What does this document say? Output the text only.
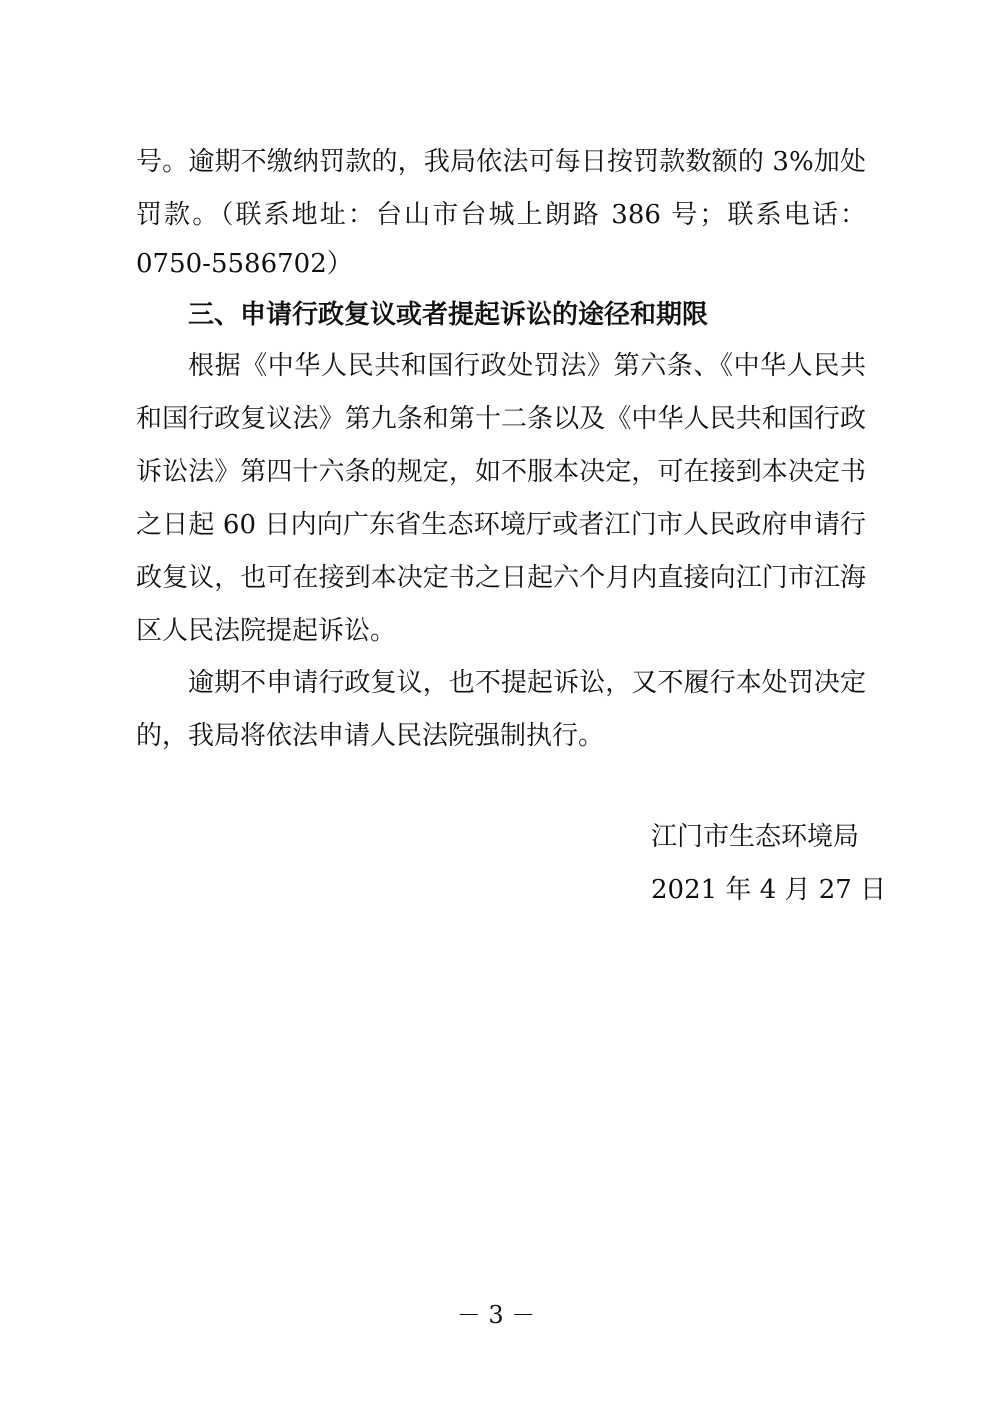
号。逾期不缴纳罚款的，我局依法可每日按罚款数额的 3%加处
罚款。（联系地址：台山市台城上朗路 386 号；联系电话：
0750-5586702）
三、申请行政复议或者提起诉讼的途径和期限
根据《中华人民共和国行政处罚法》第六条、《中华人民共
和国行政复议法》第九条和第十二条以及《中华人民共和国行政
诉讼法》第四十六条的规定，如不服本决定，可在接到本决定书
之日起 60 日内向广东省生态环境厅或者江门市人民政府申请行
政复议，也可在接到本决定书之日起六个月内直接向江门市江海
区人民法院提起诉讼。
逾期不申请行政复议，也不提起诉讼，又不履行本处罚决定
的，我局将依法申请人民法院强制执行。
江门市生态环境局
2021 年 4 月 27 日
－ 3 －
